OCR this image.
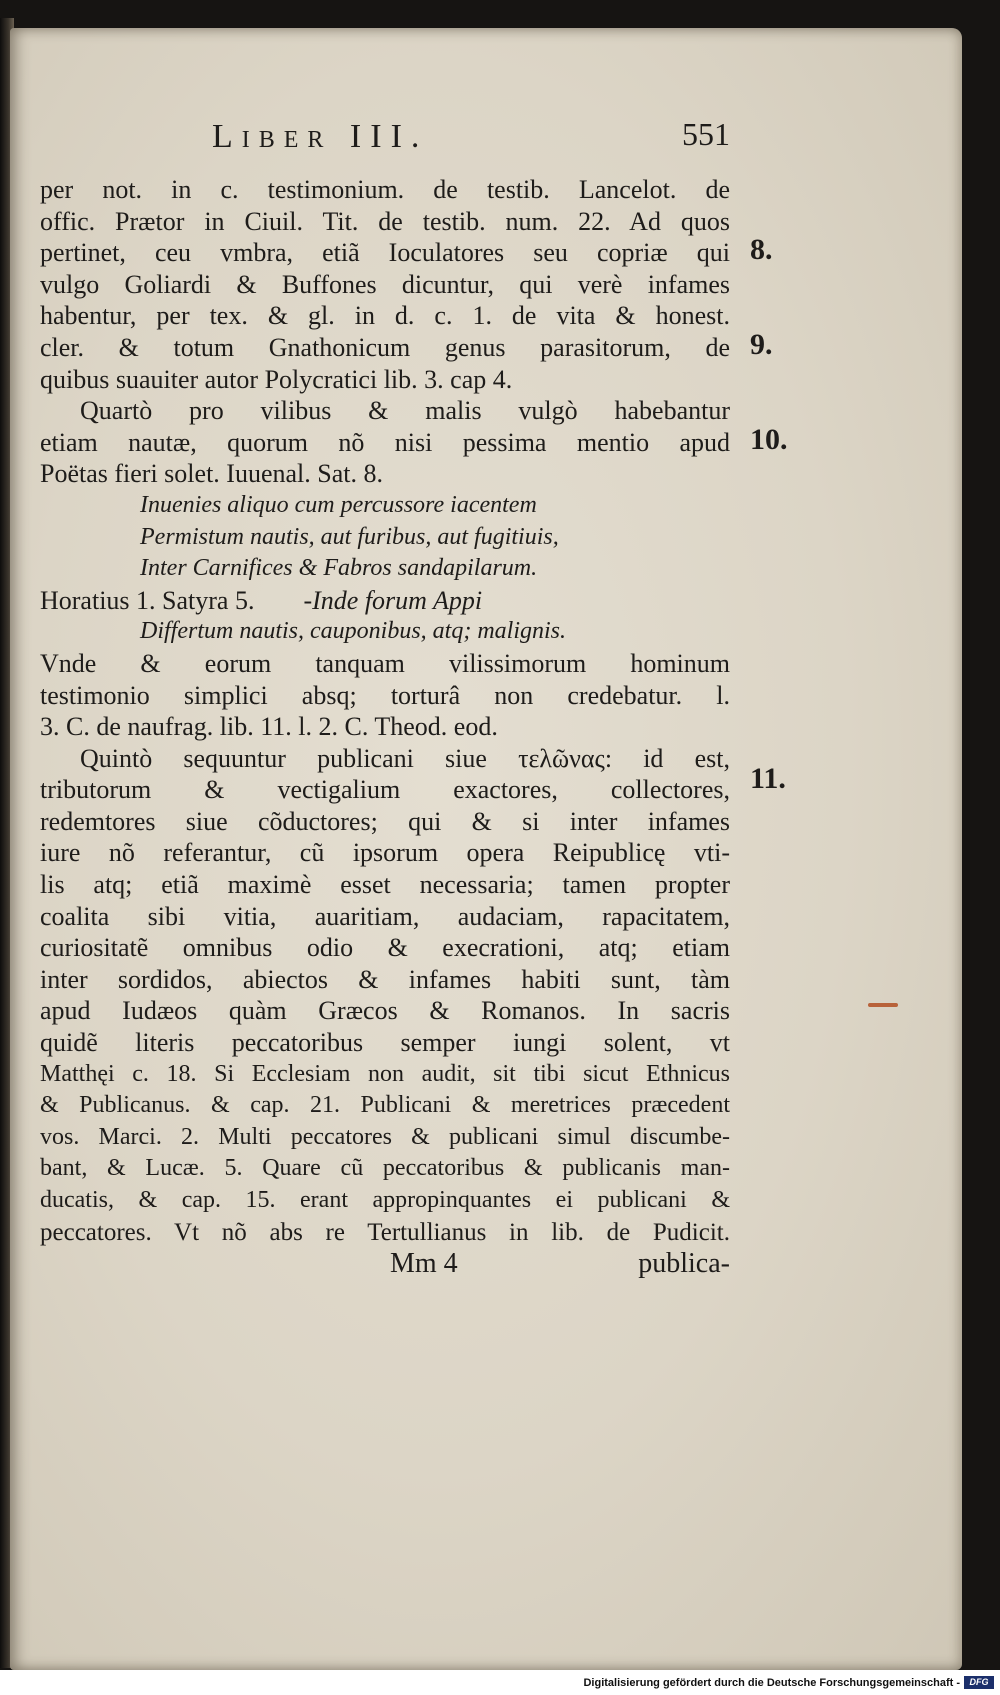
Liber III.	551
per not. in c. testimonium. de testib. Lancelot. de
offic. Prætor in Ciuil. Tit. de testib. num. 22. Ad quos
pertinet, ceu vmbra, etiã Ioculatores seu copriæ qui
vulgo Goliardi & Buffones dicuntur, qui verè infames
habentur, per tex. & gl. in d. c. 1. de vita & honest.
cler. & totum Gnathonicum genus parasitorum, de
quibus suauiter autor Polycratici lib. 3. cap 4.
Quartò pro vilibus & malis vulgò habebantur
etiam nautæ, quorum nõ nisi pessima mentio apud
Poëtas fieri solet. Iuuenal. Sat. 8.
Inuenies aliquo cum percussore iacentem
Permistum nautis, aut furibus, aut fugitiuis,
Inter Carnifices & Fabros sandapilarum.
Horatius 1. Satyra 5. -Inde forum Appi
Differtum nautis, cauponibus, atq; malignis.
Vnde & eorum tanquam vilissimorum hominum
testimonio simplici absq; torturâ non credebatur. l.
3. C. de naufrag. lib. 11. l. 2. C. Theod. eod.
Quintò sequuntur publicani siue τελῶνας: id est,
tributorum & vectigalium exactores, collectores,
redemtores siue cõductores; qui & si inter infames
iure nõ referantur, cũ ipsorum opera Reipublicę vti-
lis atq; etiã maximè esset necessaria; tamen propter
coalita sibi vitia, auaritiam, audaciam, rapacitatem,
curiositatẽ omnibus odio & execrationi, atq; etiam
inter sordidos, abiectos & infames habiti sunt, tàm
apud Iudæos quàm Græcos & Romanos. In sacris
quidẽ literis peccatoribus semper iungi solent, vt
Matthęi c. 18. Si Ecclesiam non audit, sit tibi sicut Ethnicus
& Publicanus. & cap. 21. Publicani & meretrices præcedent
vos. Marci. 2. Multi peccatores & publicani simul discumbe-
bant, & Lucæ. 5. Quare cũ peccatoribus & publicanis man-
ducatis, & cap. 15. erant appropinquantes ei publicani &
peccatores. Vt nõ abs re Tertullianus in lib. de Pudicit.
Mm 4	publica-
8.
9.
10.
11.
Digitalisierung gefördert durch die Deutsche Forschungsgemeinschaft -	DFG
